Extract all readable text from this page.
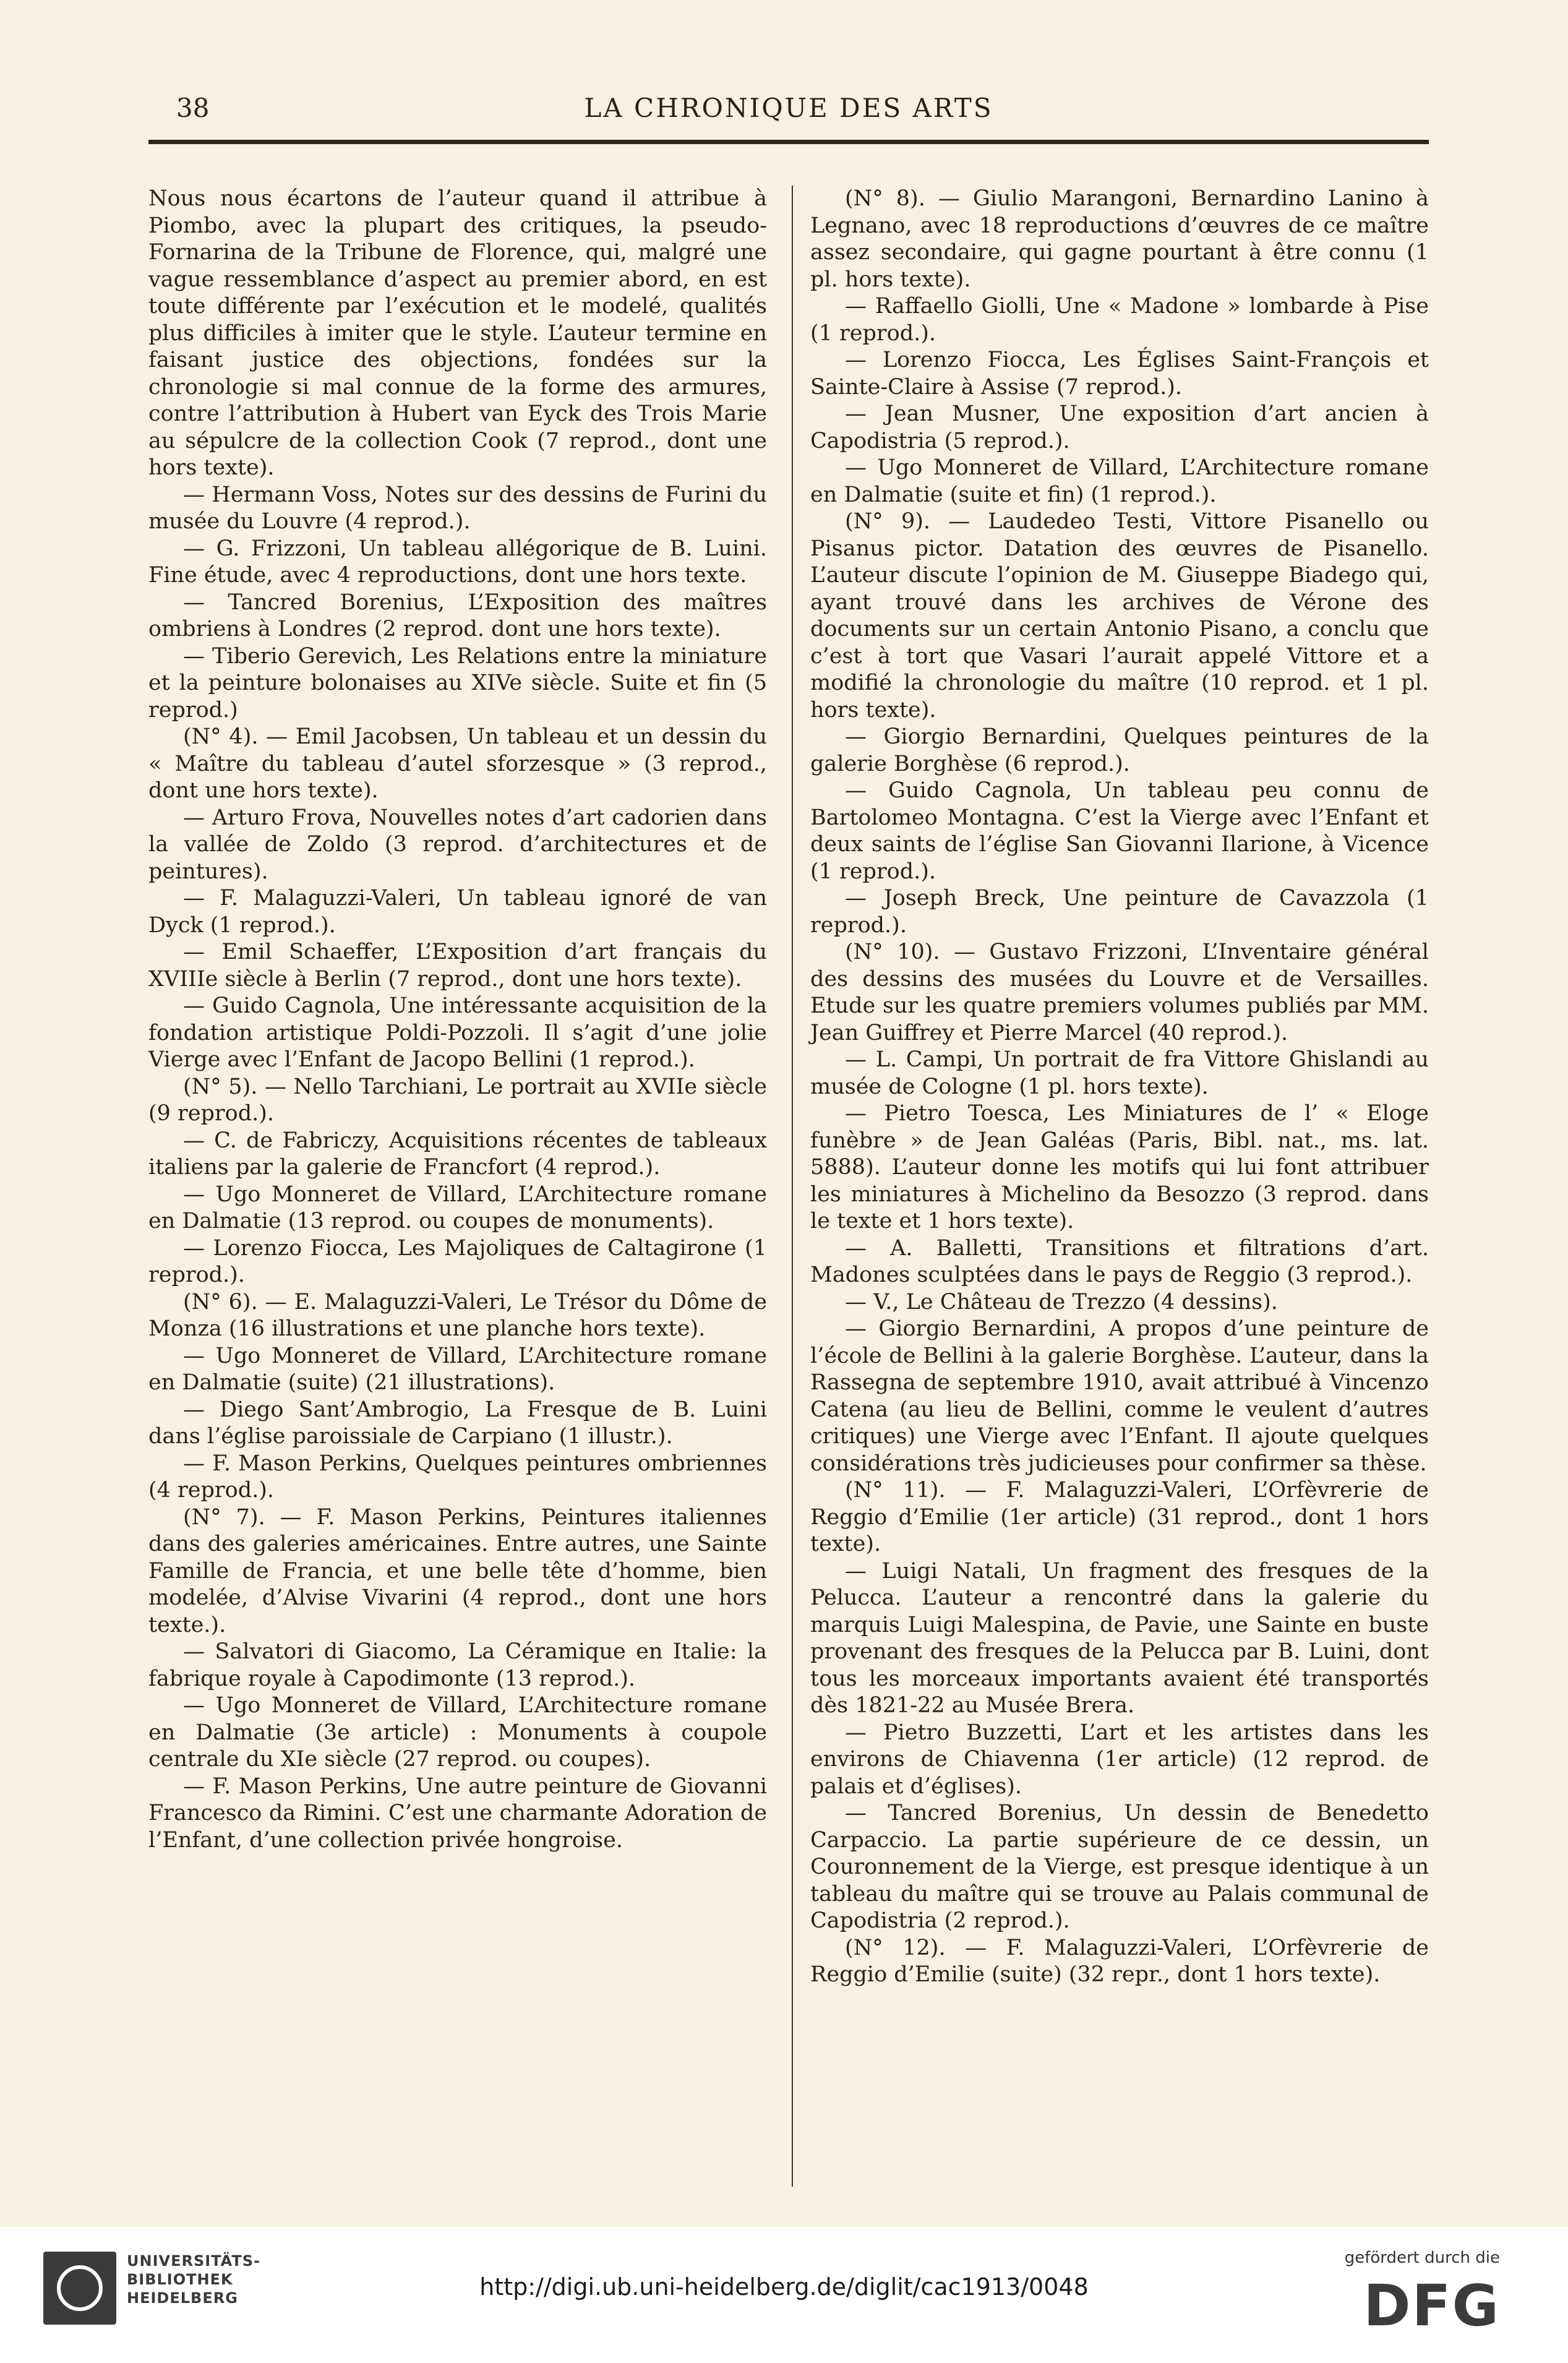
38	LA CHRONIQUE DES ARTS

Nous nous écartons de l’auteur quand il attribue à Piombo, avec la plupart des critiques, la pseudo-Fornarina de la Tribune de Florence, qui, malgré une vague ressemblance d’aspect au premier abord, en est toute différente par l’exécution et le modelé, qualités plus difficiles à imiter que le style. L’auteur termine en faisant justice des objections, fondées sur la chronologie si mal connue de la forme des armures, contre l’attribution à Hubert van Eyck des Trois Marie au sépulcre de la collection Cook (7 reprod., dont une hors texte).

— Hermann Voss, Notes sur des dessins de Furini du musée du Louvre (4 reprod.).

— G. Frizzoni, Un tableau allégorique de B. Luini. Fine étude, avec 4 reproductions, dont une hors texte.

— Tancred Borenius, L’Exposition des maîtres ombriens à Londres (2 reprod. dont une hors texte).

— Tiberio Gerevich, Les Relations entre la miniature et la peinture bolonaises au XIVe siècle. Suite et fin (5 reprod.)

(N° 4). — Emil Jacobsen, Un tableau et un dessin du « Maître du tableau d’autel sforzesque » (3 reprod., dont une hors texte).

— Arturo Frova, Nouvelles notes d’art cadorien dans la vallée de Zoldo (3 reprod. d’architectures et de peintures).

— F. Malaguzzi-Valeri, Un tableau ignoré de van Dyck (1 reprod.).

— Emil Schaeffer, L’Exposition d’art français du XVIIIe siècle à Berlin (7 reprod., dont une hors texte).

— Guido Cagnola, Une intéressante acquisition de la fondation artistique Poldi-Pozzoli. Il s’agit d’une jolie Vierge avec l’Enfant de Jacopo Bellini (1 reprod.).

(N° 5). — Nello Tarchiani, Le portrait au XVIIe siècle (9 reprod.).

— C. de Fabriczy, Acquisitions récentes de tableaux italiens par la galerie de Francfort (4 reprod.).

— Ugo Monneret de Villard, L’Architecture romane en Dalmatie (13 reprod. ou coupes de monuments).

— Lorenzo Fiocca, Les Majoliques de Caltagirone (1 reprod.).

(N° 6). — E. Malaguzzi-Valeri, Le Trésor du Dôme de Monza (16 illustrations et une planche hors texte).

— Ugo Monneret de Villard, L’Architecture romane en Dalmatie (suite) (21 illustrations).

— Diego Sant’Ambrogio, La Fresque de B. Luini dans l’église paroissiale de Carpiano (1 illustr.).

— F. Mason Perkins, Quelques peintures ombriennes (4 reprod.).

(N° 7). — F. Mason Perkins, Peintures italiennes dans des galeries américaines. Entre autres, une Sainte Famille de Francia, et une belle tête d’homme, bien modelée, d’Alvise Vivarini (4 reprod., dont une hors texte.).

— Salvatori di Giacomo, La Céramique en Italie: la fabrique royale à Capodimonte (13 reprod.).

— Ugo Monneret de Villard, L’Architecture romane en Dalmatie (3e article) : Monuments à coupole centrale du XIe siècle (27 reprod. ou coupes).

— F. Mason Perkins, Une autre peinture de Giovanni Francesco da Rimini. C’est une charmante Adoration de l’Enfant, d’une collection privée hongroise.

(N° 8). — Giulio Marangoni, Bernardino Lanino à Legnano, avec 18 reproductions d’œuvres de ce maître assez secondaire, qui gagne pourtant à être connu (1 pl. hors texte).

— Raffaello Giolli, Une « Madone » lombarde à Pise (1 reprod.).

— Lorenzo Fiocca, Les Églises Saint-François et Sainte-Claire à Assise (7 reprod.).

— Jean Musner, Une exposition d’art ancien à Capodistria (5 reprod.).

— Ugo Monneret de Villard, L’Architecture romane en Dalmatie (suite et fin) (1 reprod.).

(N° 9). — Laudedeo Testi, Vittore Pisanello ou Pisanus pictor. Datation des œuvres de Pisanello. L’auteur discute l’opinion de M. Giuseppe Biadego qui, ayant trouvé dans les archives de Vérone des documents sur un certain Antonio Pisano, a conclu que c’est à tort que Vasari l’aurait appelé Vittore et a modifié la chronologie du maître (10 reprod. et 1 pl. hors texte).

— Giorgio Bernardini, Quelques peintures de la galerie Borghèse (6 reprod.).

— Guido Cagnola, Un tableau peu connu de Bartolomeo Montagna. C’est la Vierge avec l’Enfant et deux saints de l’église San Giovanni Ilarione, à Vicence (1 reprod.).

— Joseph Breck, Une peinture de Cavazzola (1 reprod.).

(N° 10). — Gustavo Frizzoni, L’Inventaire général des dessins des musées du Louvre et de Versailles. Etude sur les quatre premiers volumes publiés par MM. Jean Guiffrey et Pierre Marcel (40 reprod.).

— L. Campi, Un portrait de fra Vittore Ghislandi au musée de Cologne (1 pl. hors texte).

— Pietro Toesca, Les Miniatures de l’ « Eloge funèbre » de Jean Galéas (Paris, Bibl. nat., ms. lat. 5888). L’auteur donne les motifs qui lui font attribuer les miniatures à Michelino da Besozzo (3 reprod. dans le texte et 1 hors texte).

— A. Balletti, Transitions et filtrations d’art. Madones sculptées dans le pays de Reggio (3 reprod.).

— V., Le Château de Trezzo (4 dessins).

— Giorgio Bernardini, A propos d’une peinture de l’école de Bellini à la galerie Borghèse. L’auteur, dans la Rassegna de septembre 1910, avait attribué à Vincenzo Catena (au lieu de Bellini, comme le veulent d’autres critiques) une Vierge avec l’Enfant. Il ajoute quelques considérations très judicieuses pour confirmer sa thèse.

(N° 11). — F. Malaguzzi-Valeri, L’Orfèvrerie de Reggio d’Emilie (1er article) (31 reprod., dont 1 hors texte).

— Luigi Natali, Un fragment des fresques de la Pelucca. L’auteur a rencontré dans la galerie du marquis Luigi Malespina, de Pavie, une Sainte en buste provenant des fresques de la Pelucca par B. Luini, dont tous les morceaux importants avaient été transportés dès 1821-22 au Musée Brera.

— Pietro Buzzetti, L’art et les artistes dans les environs de Chiavenna (1er article) (12 reprod. de palais et d’églises).

— Tancred Borenius, Un dessin de Benedetto Carpaccio. La partie supérieure de ce dessin, un Couronnement de la Vierge, est presque identique à un tableau du maître qui se trouve au Palais communal de Capodistria (2 reprod.).

(N° 12). — F. Malaguzzi-Valeri, L’Orfèvrerie de Reggio d’Emilie (suite) (32 repr., dont 1 hors texte).

UNIVERSITÄTS-
BIBLIOTHEK
HEIDELBERG	http://digi.ub.uni-heidelberg.de/diglit/cac1913/0048
gefördert durch die
DFG
